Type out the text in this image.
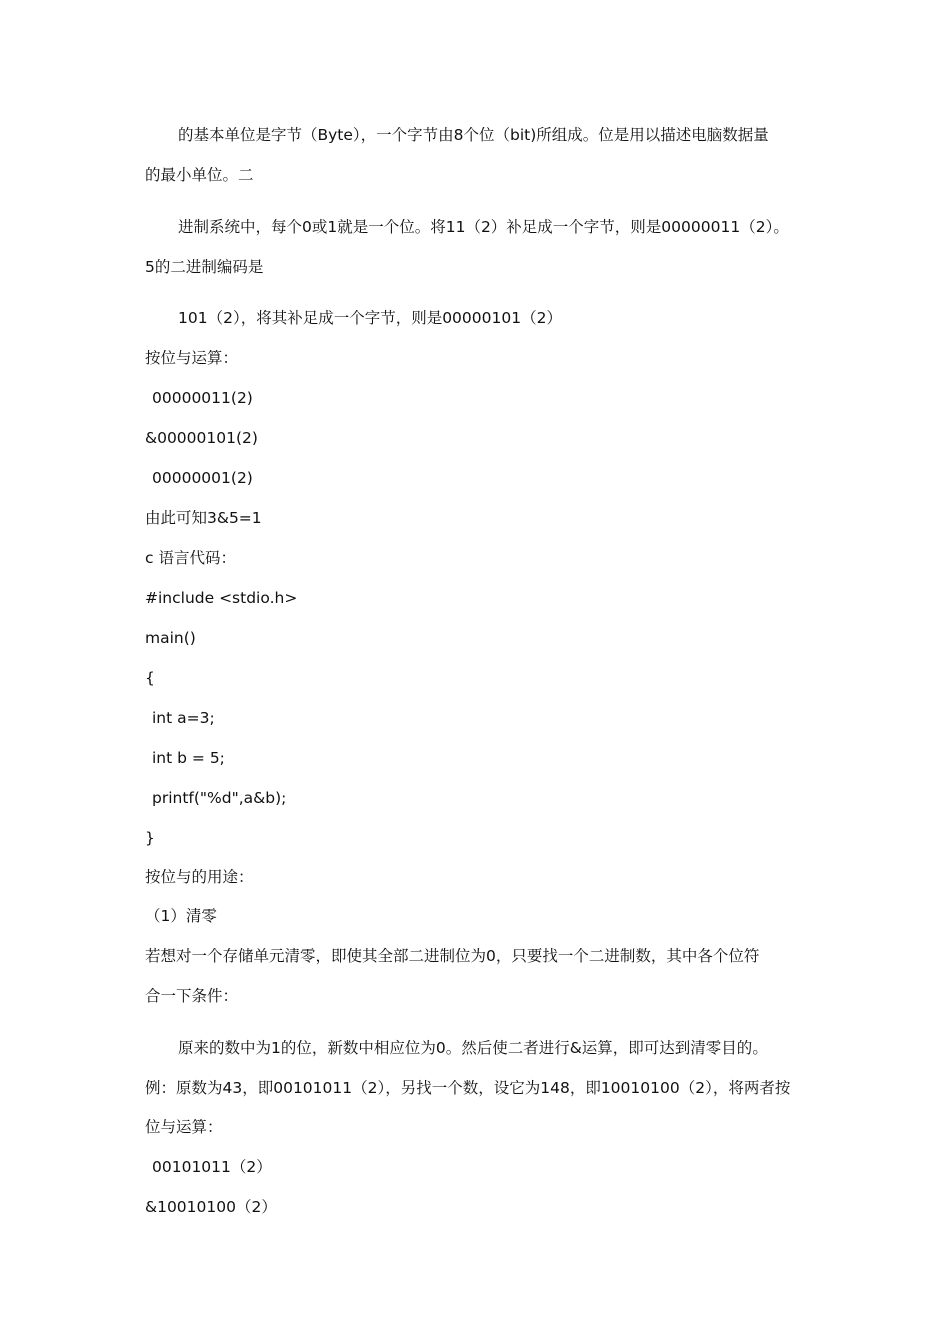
的基本单位是字节（Byte），一个字节由8个位（bit)所组成。位是用以描述电脑数据量
的最小单位。二
进制系统中，每个0或1就是一个位。将11（2）补足成一个字节，则是00000011（2）。
5的二进制编码是
101（2），将其补足成一个字节，则是00000101（2）
按位与运算：
00000011(2)
&00000101(2)
00000001(2)
由此可知3&5=1
c 语言代码：
#include <stdio.h>
main()
{
int a=3;
int b = 5;
printf("%d",a&b);
}
按位与的用途：
（1）清零
若想对一个存储单元清零，即使其全部二进制位为0，只要找一个二进制数，其中各个位符
合一下条件：
原来的数中为1的位，新数中相应位为0。然后使二者进行&运算，即可达到清零目的。
例：原数为43，即00101011（2），另找一个数，设它为148，即10010100（2），将两者按
位与运算：
00101011（2）
&10010100（2）
